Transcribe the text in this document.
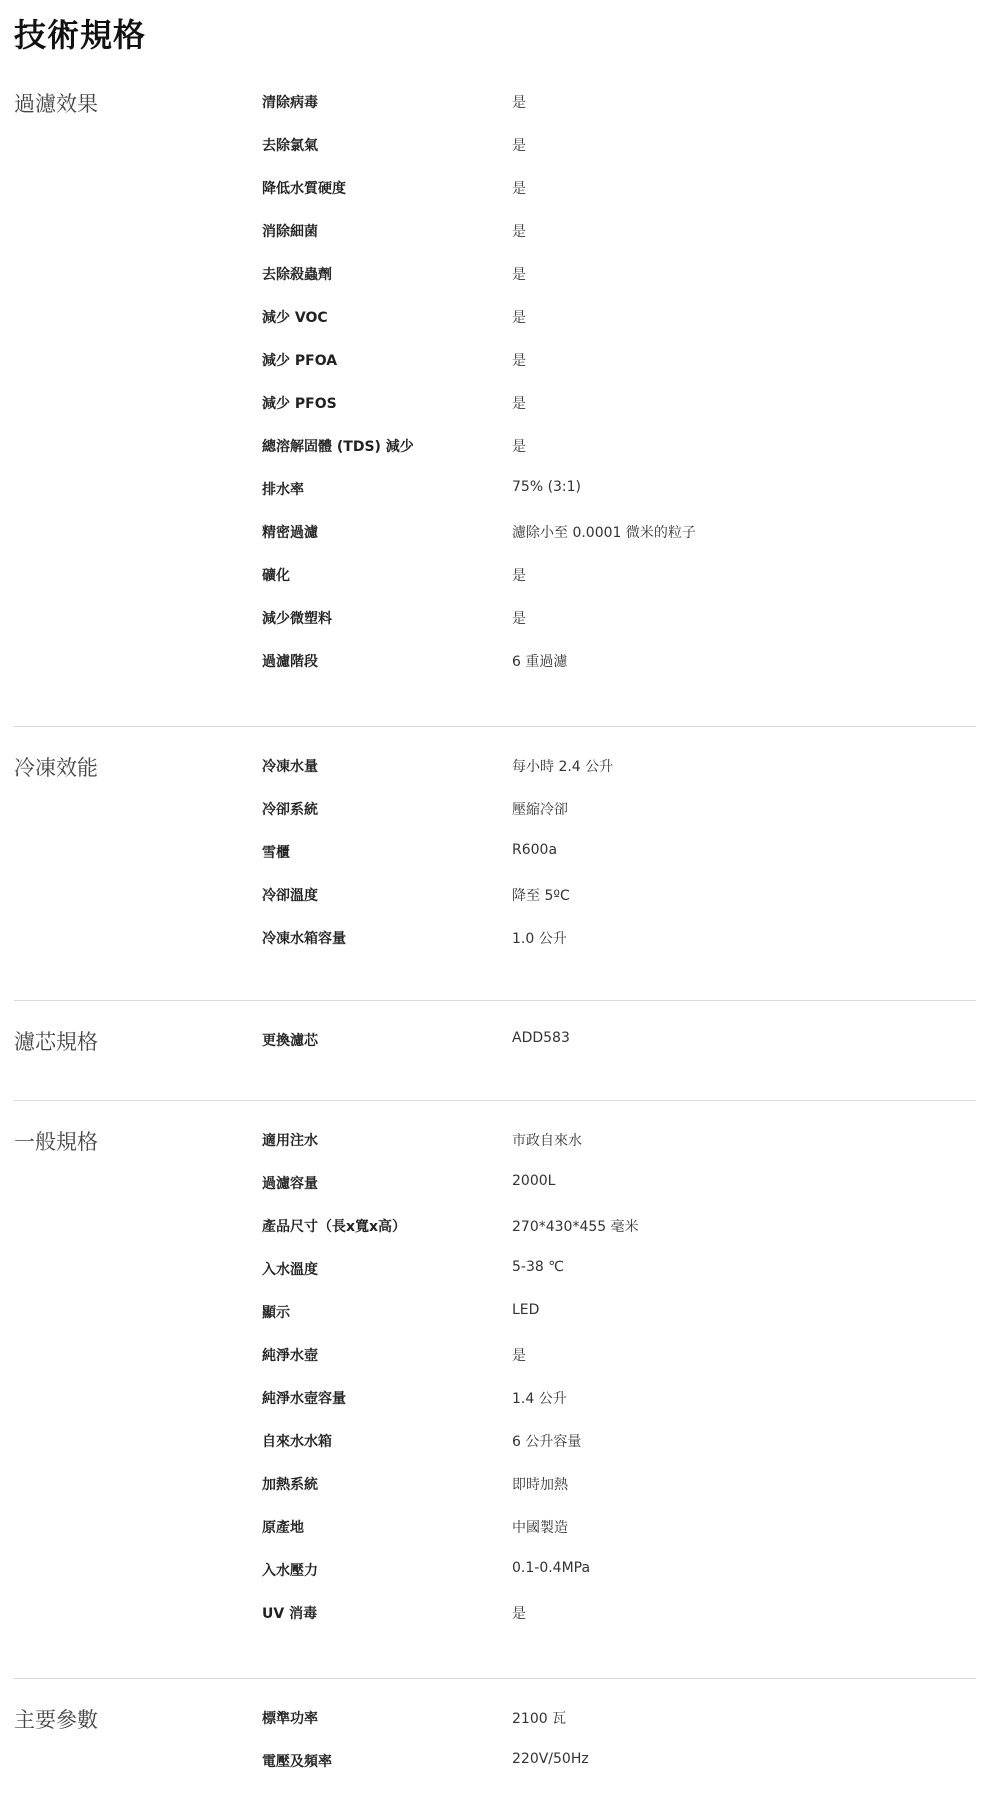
技術規格
過濾效果	清除病毒	是
去除氯氣	是
降低水質硬度	是
消除細菌	是
去除殺蟲劑	是
減少 VOC	是
減少 PFOA	是
減少 PFOS	是
總溶解固體 (TDS) 減少	是
排水率	75% (3:1)
精密過濾	濾除小至 0.0001 微米的粒子
礦化	是
減少微塑料	是
過濾階段	6 重過濾
冷凍效能	冷凍水量	每小時 2.4 公升
冷卻系統	壓縮冷卻
雪櫃	R600a
冷卻溫度	降至 5ºC
冷凍水箱容量	1.0 公升
濾芯規格	更換濾芯	ADD583
一般規格	適用注水	市政自來水
過濾容量	2000L
產品尺寸（長x寬x高）	270*430*455 毫米
入水溫度	5-38 ℃
顯示	LED
純淨水壺	是
純淨水壺容量	1.4 公升
自來水水箱	6 公升容量
加熱系統	即時加熱
原產地	中國製造
入水壓力	0.1-0.4MPa
UV 消毒	是
主要參數	標準功率	2100 瓦
電壓及頻率	220V/50Hz
